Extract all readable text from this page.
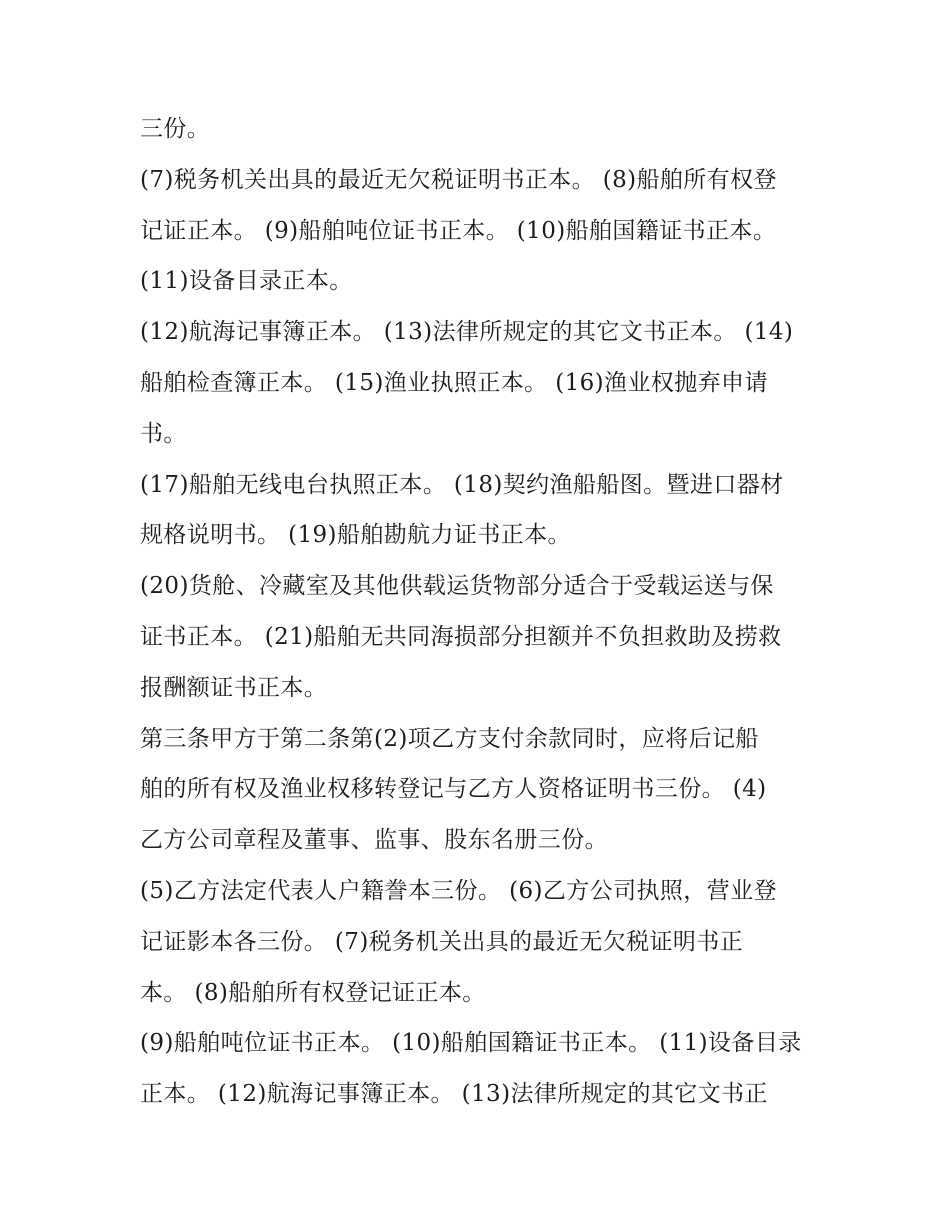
三份。
(7)税务机关出具的最近无欠税证明书正本。 (8)船舶所有权登
记证正本。 (9)船舶吨位证书正本。 (10)船舶国籍证书正本。
(11)设备目录正本。
(12)航海记事簿正本。 (13)法律所规定的其它文书正本。 (14)
船舶检查簿正本。 (15)渔业执照正本。 (16)渔业权抛弃申请
书。
(17)船舶无线电台执照正本。 (18)契约渔船船图。暨进口器材
规格说明书。 (19)船舶勘航力证书正本。
(20)货舱、冷藏室及其他供载运货物部分适合于受载运送与保
证书正本。 (21)船舶无共同海损部分担额并不负担救助及捞救
报酬额证书正本。
第三条甲方于第二条第(2)项乙方支付余款同时，应将后记船
舶的所有权及渔业权移转登记与乙方人资格证明书三份。 (4)
乙方公司章程及董事、监事、股东名册三份。
(5)乙方法定代表人户籍誊本三份。 (6)乙方公司执照，营业登
记证影本各三份。 (7)税务机关出具的最近无欠税证明书正
本。 (8)船舶所有权登记证正本。
(9)船舶吨位证书正本。 (10)船舶国籍证书正本。 (11)设备目录
正本。 (12)航海记事簿正本。 (13)法律所规定的其它文书正
